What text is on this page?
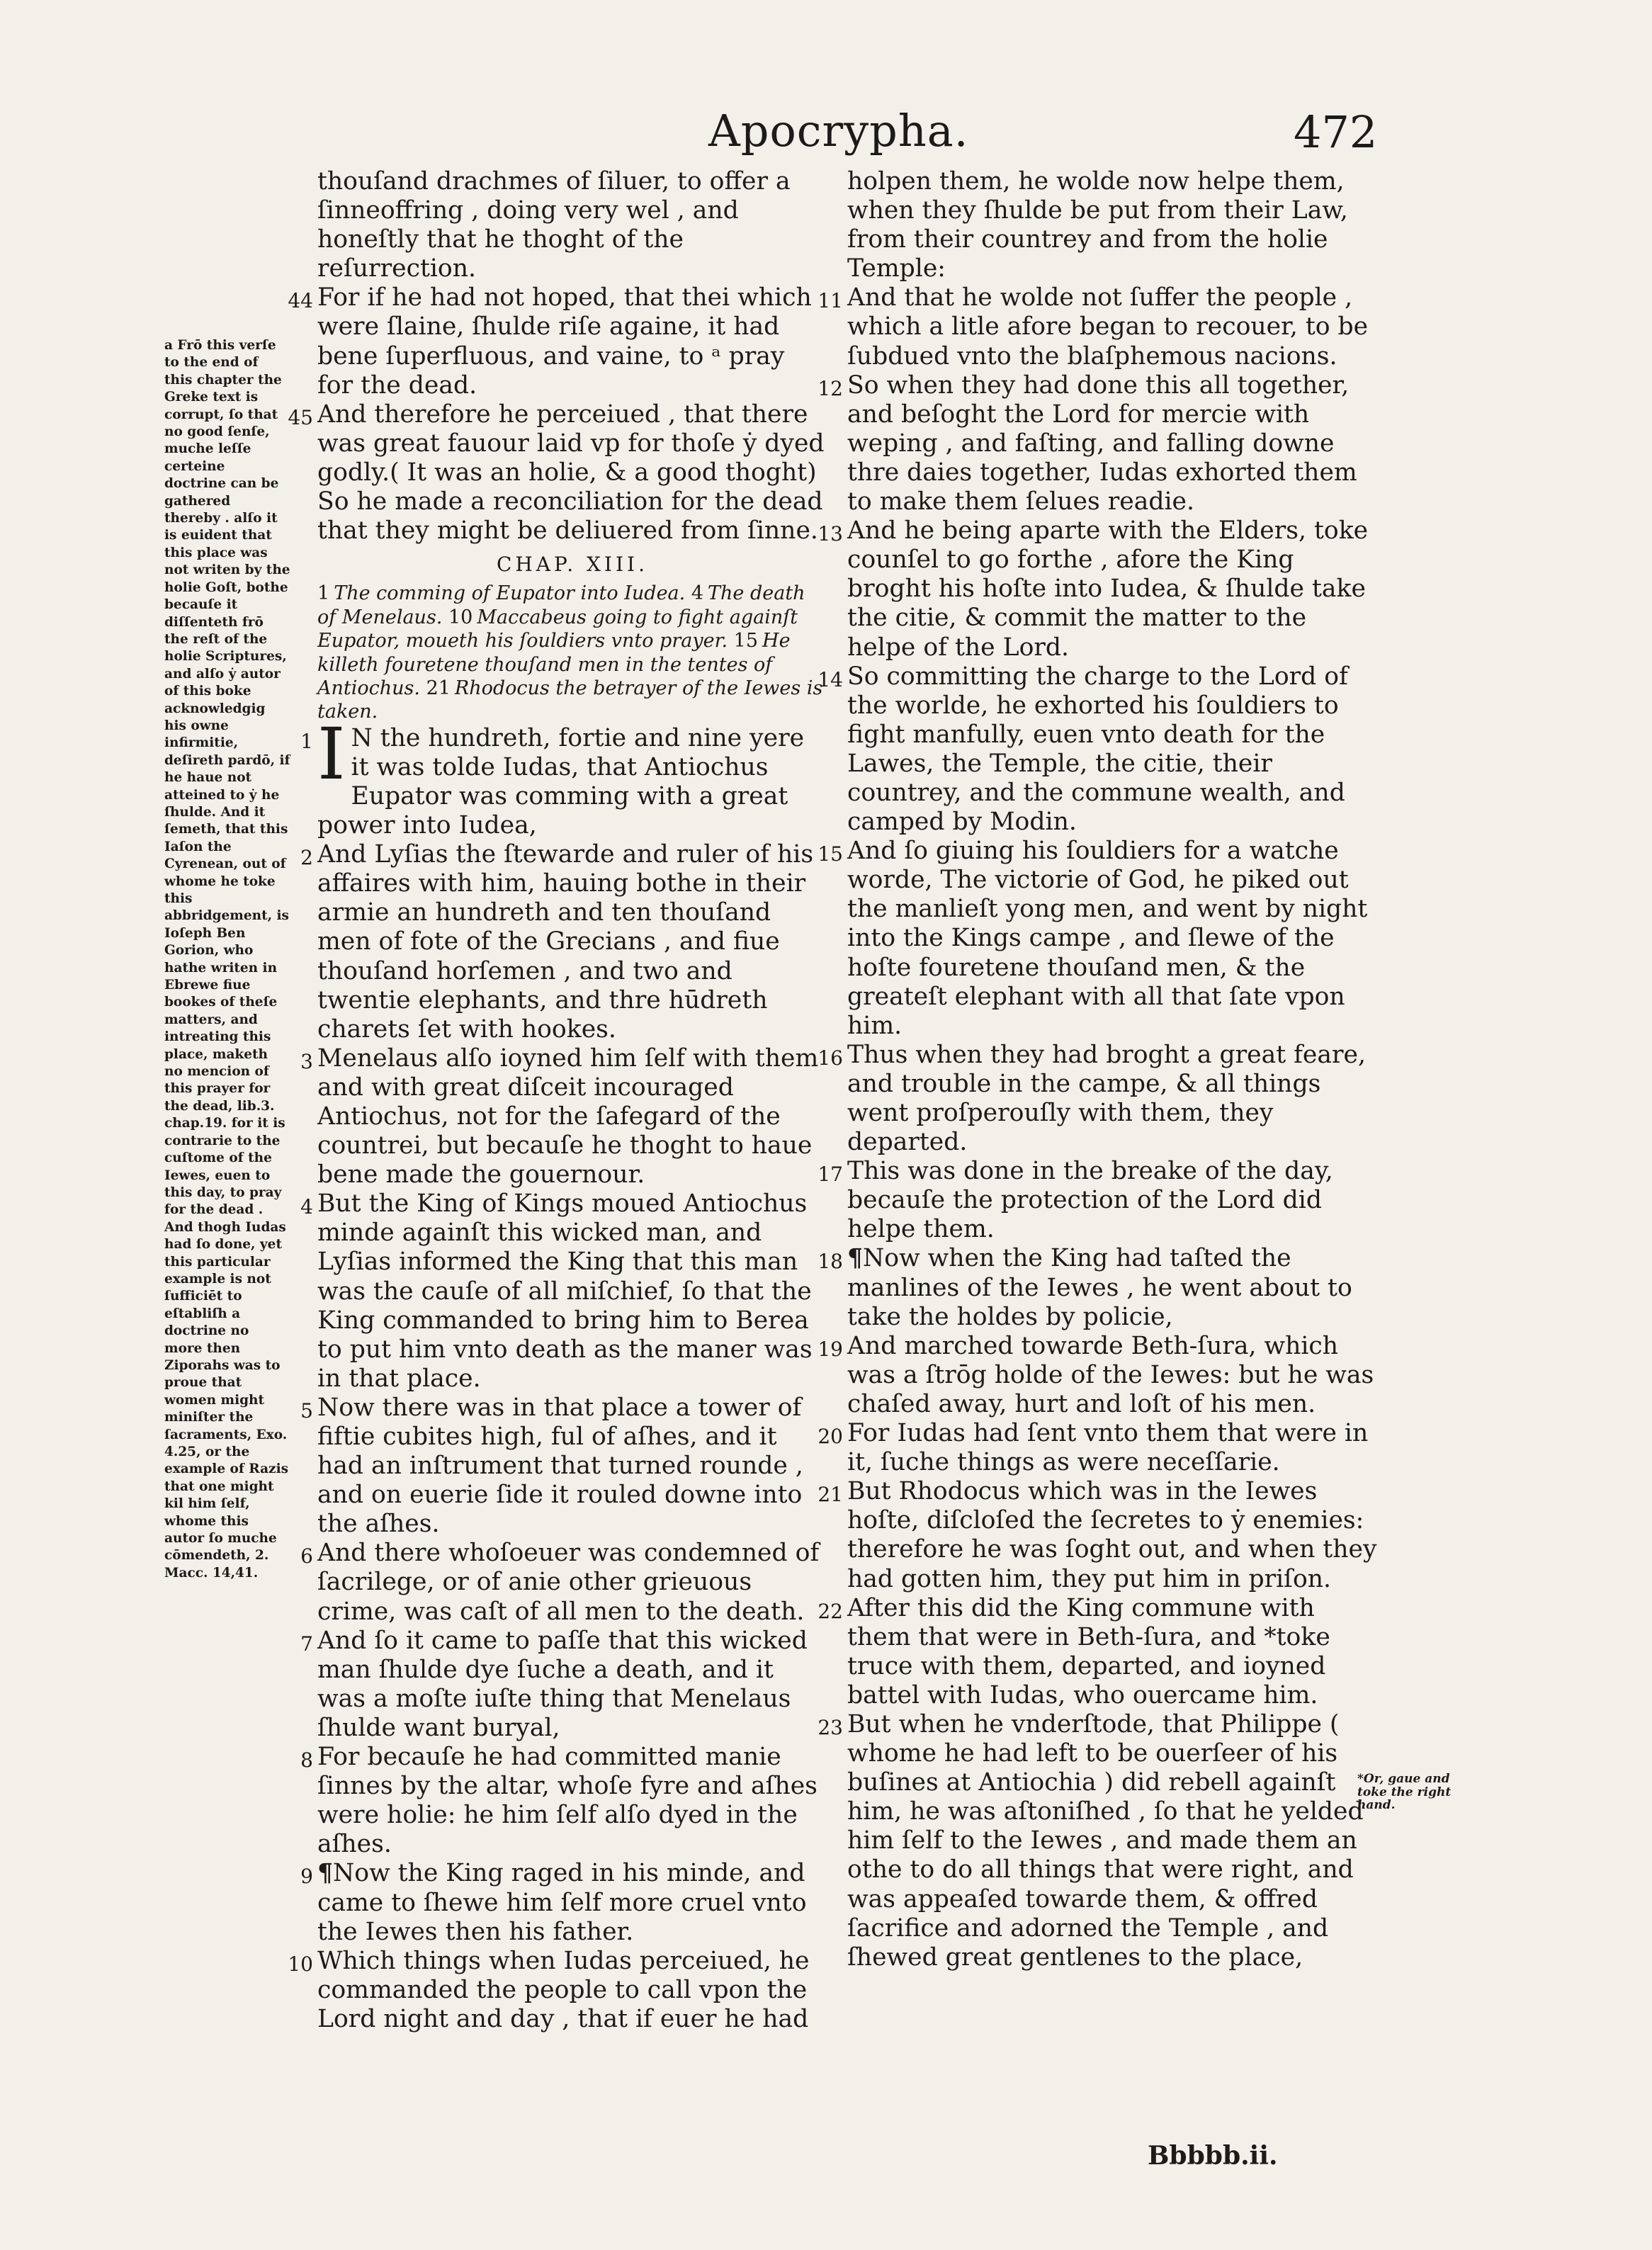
Apocrypha.	472
a Frō this verſe to the end of this chapter the Greke text is corrupt, ſo that no good ſenſe, muche leſſe certeine doctrine can be gathered thereby . alſo it is euident that this place was not writen by the holie Goſt, bothe becauſe it diſſenteth frō the reſt of the holie Scriptures, and alſo ẏ autor of this boke acknowledgig his owne infirmitie, deſireth pardō, if he haue not atteined to ẏ he ſhulde. And it ſemeth, that this Iaſon the Cyrenean, out of whome he toke this abbridgement, is Ioſeph Ben Gorion, who hathe writen in Ebrewe fiue bookes of theſe matters, and intreating this place, maketh no mencion of this prayer for the dead, lib.3. chap.19. for it is contrarie to the cuſtome of the Iewes, euen to this day, to pray for the dead . And thogh Iudas had ſo done, yet this particular example is not ſufficiēt to eſtabliſh a doctrine no more then Ziporahs was to proue that women might miniſter the ſacraments, Exo. 4.25, or the example of Razis that one might kil him ſelf, whome this autor ſo muche cōmendeth, 2. Macc. 14,41.
thouſand drachmes of ſiluer, to offer a ſinneoffring , doing very wel , and honeſtly that he thoght of the reſurrection.
44 For if he had not hoped, that thei which were ſlaine, ſhulde riſe againe, it had bene ſuperfluous, and vaine, to ᵃ pray for the dead.
45 And therefore he perceiued , that there was great fauour laid vp for thoſe ẏ dyed godly.( It was an holie, & a good thoght) So he made a reconciliation for the dead that they might be deliuered from ſinne.
CHAP. XIII.
1 The comming of Eupator into Iudea. 4 The death of Menelaus. 10 Maccabeus going to fight againſt Eupator, moueth his ſouldiers vnto prayer. 15 He killeth fouretene thouſand men in the tentes of Antiochus. 21 Rhodocus the betrayer of the Iewes is taken.
1 I N the hundreth, fortie and nine yere it was tolde Iudas, that Antiochus Eupator was comming with a great power into Iudea,
2 And Lyſias the ſtewarde and ruler of his affaires with him, hauing bothe in their armie an hundreth and ten thouſand men of fote of the Grecians , and fiue thouſand horſemen , and two and twentie elephants, and thre hūdreth charets ſet with hookes.
3 Menelaus alſo ioyned him ſelf with them and with great diſceit incouraged Antiochus, not for the ſafegard of the countrei, but becauſe he thoght to haue bene made the gouernour.
4 But the King of Kings moued Antiochus minde againſt this wicked man, and Lyſias informed the King that this man was the cauſe of all miſchief, ſo that the King commanded to bring him to Berea to put him vnto death as the maner was in that place.
5 Now there was in that place a tower of fiftie cubites high, ful of aſhes, and it had an inſtrument that turned rounde , and on euerie ſide it rouled downe into the aſhes.
6 And there whoſoeuer was condemned of ſacrilege, or of anie other grieuous crime, was caſt of all men to the death.
7 And ſo it came to paſſe that this wicked man ſhulde dye ſuche a death, and it was a moſte iuſte thing that Menelaus ſhulde want buryal,
8 For becauſe he had committed manie ſinnes by the altar, whoſe fyre and aſhes were holie: he him ſelf alſo dyed in the aſhes.
9 ¶Now the King raged in his minde, and came to ſhewe him ſelf more cruel vnto the Iewes then his father.
10 Which things when Iudas perceiued, he commanded the people to call vpon the Lord night and day , that if euer he had
holpen them, he wolde now helpe them, when they ſhulde be put from their Law, from their countrey and from the holie Temple:
11 And that he wolde not ſuffer the people , which a litle afore began to recouer, to be ſubdued vnto the blaſphemous nacions.
12 So when they had done this all together, and beſoght the Lord for mercie with weping , and faſting, and falling downe thre daies together, Iudas exhorted them to make them ſelues readie.
13 And he being aparte with the Elders, toke counſel to go forthe , afore the King broght his hoſte into Iudea, & ſhulde take the citie, & commit the matter to the helpe of the Lord.
14 So committing the charge to the Lord of the worlde, he exhorted his ſouldiers to fight manfully, euen vnto death for the Lawes, the Temple, the citie, their countrey, and the commune wealth, and camped by Modin.
15 And ſo giuing his ſouldiers for a watche worde, The victorie of God, he piked out the manlieſt yong men, and went by night into the Kings campe , and ſlewe of the hoſte fouretene thouſand men, & the greateſt elephant with all that ſate vpon him.
16 Thus when they had broght a great feare, and trouble in the campe, & all things went proſperouſly with them, they departed.
17 This was done in the breake of the day, becauſe the protection of the Lord did helpe them.
18 ¶Now when the King had taſted the manlines of the Iewes , he went about to take the holdes by policie,
19 And marched towarde Beth-ſura, which was a ſtrōg holde of the Iewes: but he was chaſed away, hurt and loſt of his men.
20 For Iudas had ſent vnto them that were in it, ſuche things as were neceſſarie.
21 But Rhodocus which was in the Iewes hoſte, diſcloſed the ſecretes to ẏ enemies: therefore he was ſoght out, and when they had gotten him, they put him in priſon.
22 After this did the King commune with them that were in Beth-ſura, and *toke truce with them, departed, and ioyned battel with Iudas, who ouercame him.
23 But when he vnderſtode, that Philippe ( whome he had left to be ouerſeer of his buſines at Antiochia ) did rebell againſt him, he was aſtoniſhed , ſo that he yelded him ſelf to the Iewes , and made them an othe to do all things that were right, and was appeaſed towarde them, & offred ſacrifice and adorned the Temple , and ſhewed great gentlenes to the place,
*Or, gaue and toke the right hand.
Bbbbb.ii.
